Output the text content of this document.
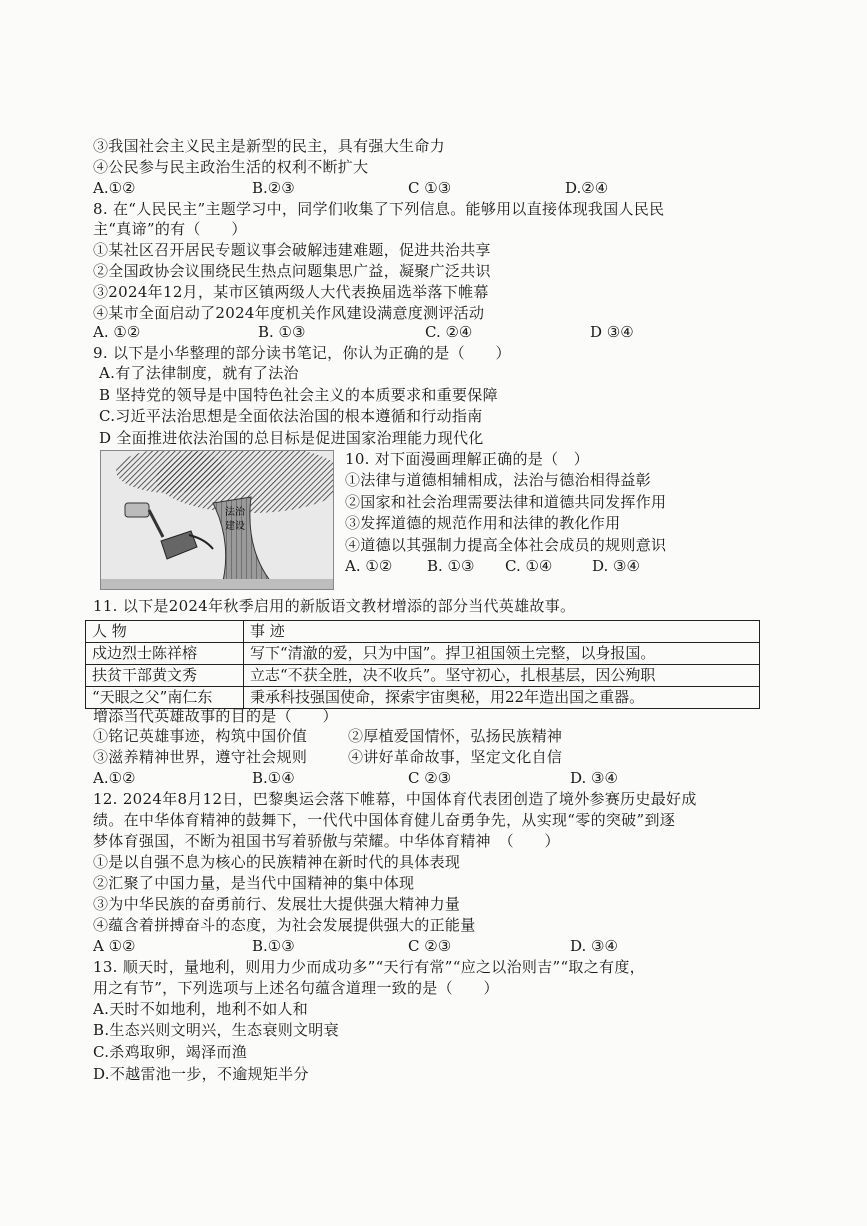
③我国社会主义民主是新型的民主，具有强大生命力
④公民参与民主政治生活的权利不断扩大
A.①②	B.②③	C ①③	D.②④
8. 在“人民民主”主题学习中，同学们收集了下列信息。能够用以直接体现我国人民民
主“真谛”的有（　　）
①某社区召开居民专题议事会破解违建难题，促进共治共享
②全国政协会议围绕民生热点问题集思广益，凝聚广泛共识
③2024年12月，某市区镇两级人大代表换届选举落下帷幕
④某市全面启动了2024年度机关作风建设满意度测评活动
A. ①②	B. ①③	C. ②④	D ③④
9. 以下是小华整理的部分读书笔记，你认为正确的是（　　）
A.有了法律制度，就有了法治
B 坚持党的领导是中国特色社会主义的本质要求和重要保障
C.习近平法治思想是全面依法治国的根本遵循和行动指南
D 全面推进依法治国的总目标是促进国家治理能力现代化
法治
建设
10. 对下面漫画理解正确的是（　）
①法律与道德相辅相成，法治与德治相得益彰
②国家和社会治理需要法律和道德共同发挥作用
③发挥道德的规范作用和法律的教化作用
④道德以其强制力提高全体社会成员的规则意识
A. ①② B. ①③ C. ①④	D. ③④
11. 以下是2024年秋季启用的新版语文教材增添的部分当代英雄故事。
人 物	事 迹
戍边烈士陈祥榕	写下“清澈的爱，只为中国”。捍卫祖国领土完整，以身报国。
扶贫干部黄文秀	立志“不获全胜，决不收兵”。坚守初心，扎根基层，因公殉职
“天眼之父”南仁东	秉承科技强国使命，探索宇宙奥秘，用22年造出国之重器。
增添当代英雄故事的目的是（　　）
①铭记英雄事迹，构筑中国价值	②厚植爱国情怀，弘扬民族精神
③滋养精神世界，遵守社会规则	④讲好革命故事，坚定文化自信
A.①②	B.①④	C ②③	D. ③④
12. 2024年8月12日，巴黎奥运会落下帷幕，中国体育代表团创造了境外参赛历史最好成
绩。在中华体育精神的鼓舞下，一代代中国体育健儿奋勇争先，从实现“零的突破”到逐
梦体育强国，不断为祖国书写着骄傲与荣耀。中华体育精神　（　　）
①是以自强不息为核心的民族精神在新时代的具体表现
②汇聚了中国力量，是当代中国精神的集中体现
③为中华民族的奋勇前行、发展壮大提供强大精神力量
④蕴含着拼搏奋斗的态度，为社会发展提供强大的正能量
A ①②	B.①③	C ②③	D. ③④
13. 顺天时，量地利，则用力少而成功多”“天行有常”“应之以治则吉”“取之有度，
用之有节”，下列选项与上述名句蕴含道理一致的是（　　）
A.天时不如地利，地利不如人和
B.生态兴则文明兴，生态衰则文明衰
C.杀鸡取卵，竭泽而渔
D.不越雷池一步，不逾规矩半分
